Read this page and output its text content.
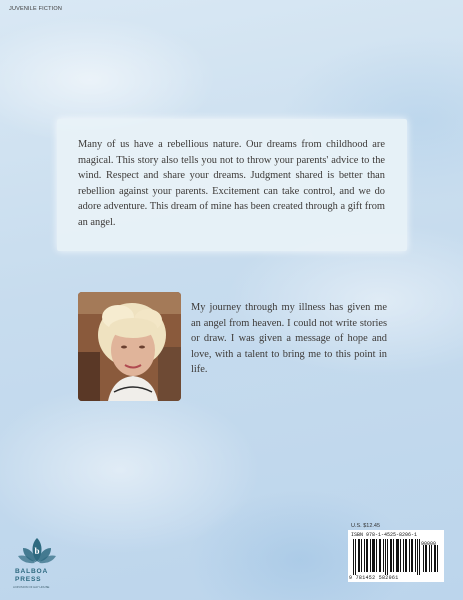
JUVENILE FICTION

Many of us have a rebellious nature. Our dreams from childhood are magical. This story also tells you not to throw your parents' advice to the wind. Respect and share your dreams. Judgment shared is better than rebellion against your parents. Excitement can take control, and we do adore adventure. This dream of mine has been created through a gift from an angel.

My journey through my illness has given me an angel from heaven. I could not write stories or draw. I was given a message of hope and love, with a talent to bring me to this point in life.

U.S. $12.45
ISBN 978-1-4525-8206-1
9 781452 582061
90000
b
BALBOA
PRESS
A DIVISION OF HAY HOUSE
